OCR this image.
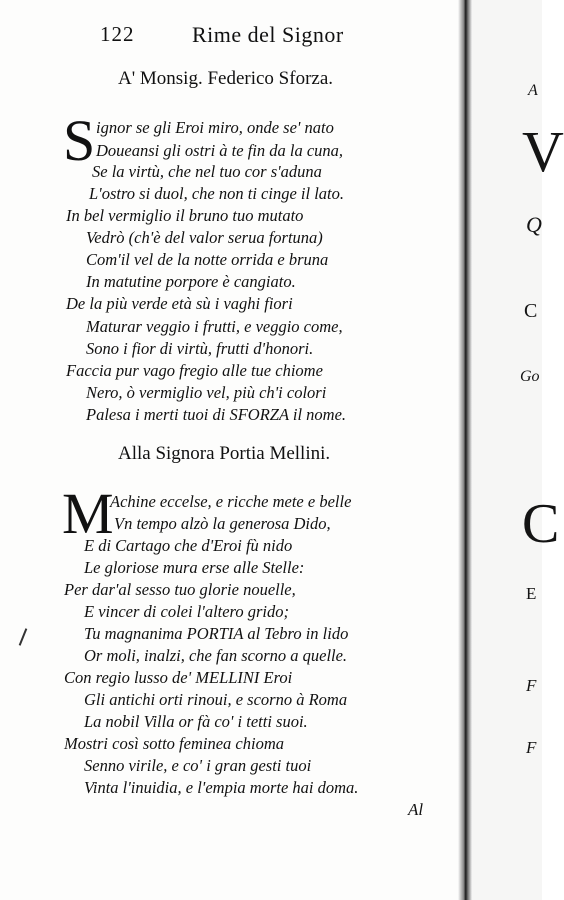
122	Rime del Signor
A' Monsig. Federico Sforza.
S ignor se gli Eroi miro, onde se' nato
Doueansi gli ostri à te fin da la cuna,
Se la virtù, che nel tuo cor s'aduna
L'ostro si duol, che non ti cinge il lato.
In bel vermiglio il bruno tuo mutato
Vedrò (ch'è del valor serua fortuna)
Com'il vel de la notte orrida e bruna
In matutine porpore è cangiato.
De la più verde età sù i vaghi fiori
Maturar veggio i frutti, e veggio come,
Sono i fior di virtù, frutti d'honori.
Faccia pur vago fregio alle tue chiome
Nero, ò vermiglio vel, più ch'i colori
Palesa i merti tuoi di SFORZA il nome.
Alla Signora Portia Mellini.
M
Achine eccelse, e ricche mete e belle
Vn tempo alzò la generosa Dido,
E di Cartago che d'Eroi fù nido
Le gloriose mura erse alle Stelle:
Per dar'al sesso tuo glorie nouelle,
E vincer di colei l'altero grido;
Tu magnanima PORTIA al Tebro in lido
Or moli, inalzi, che fan scorno a quelle.
Con regio lusso de' MELLINI Eroi
Gli antichi orti rinoui, e scorno à Roma
La nobil Villa or fà co' i tetti suoi.
Mostri così sotto feminea chioma
Senno virile, e co' i gran gesti tuoi
Vinta l'inuidia, e l'empia morte hai doma.
Al
A
V
Q
C
Go
C
E
F
F
